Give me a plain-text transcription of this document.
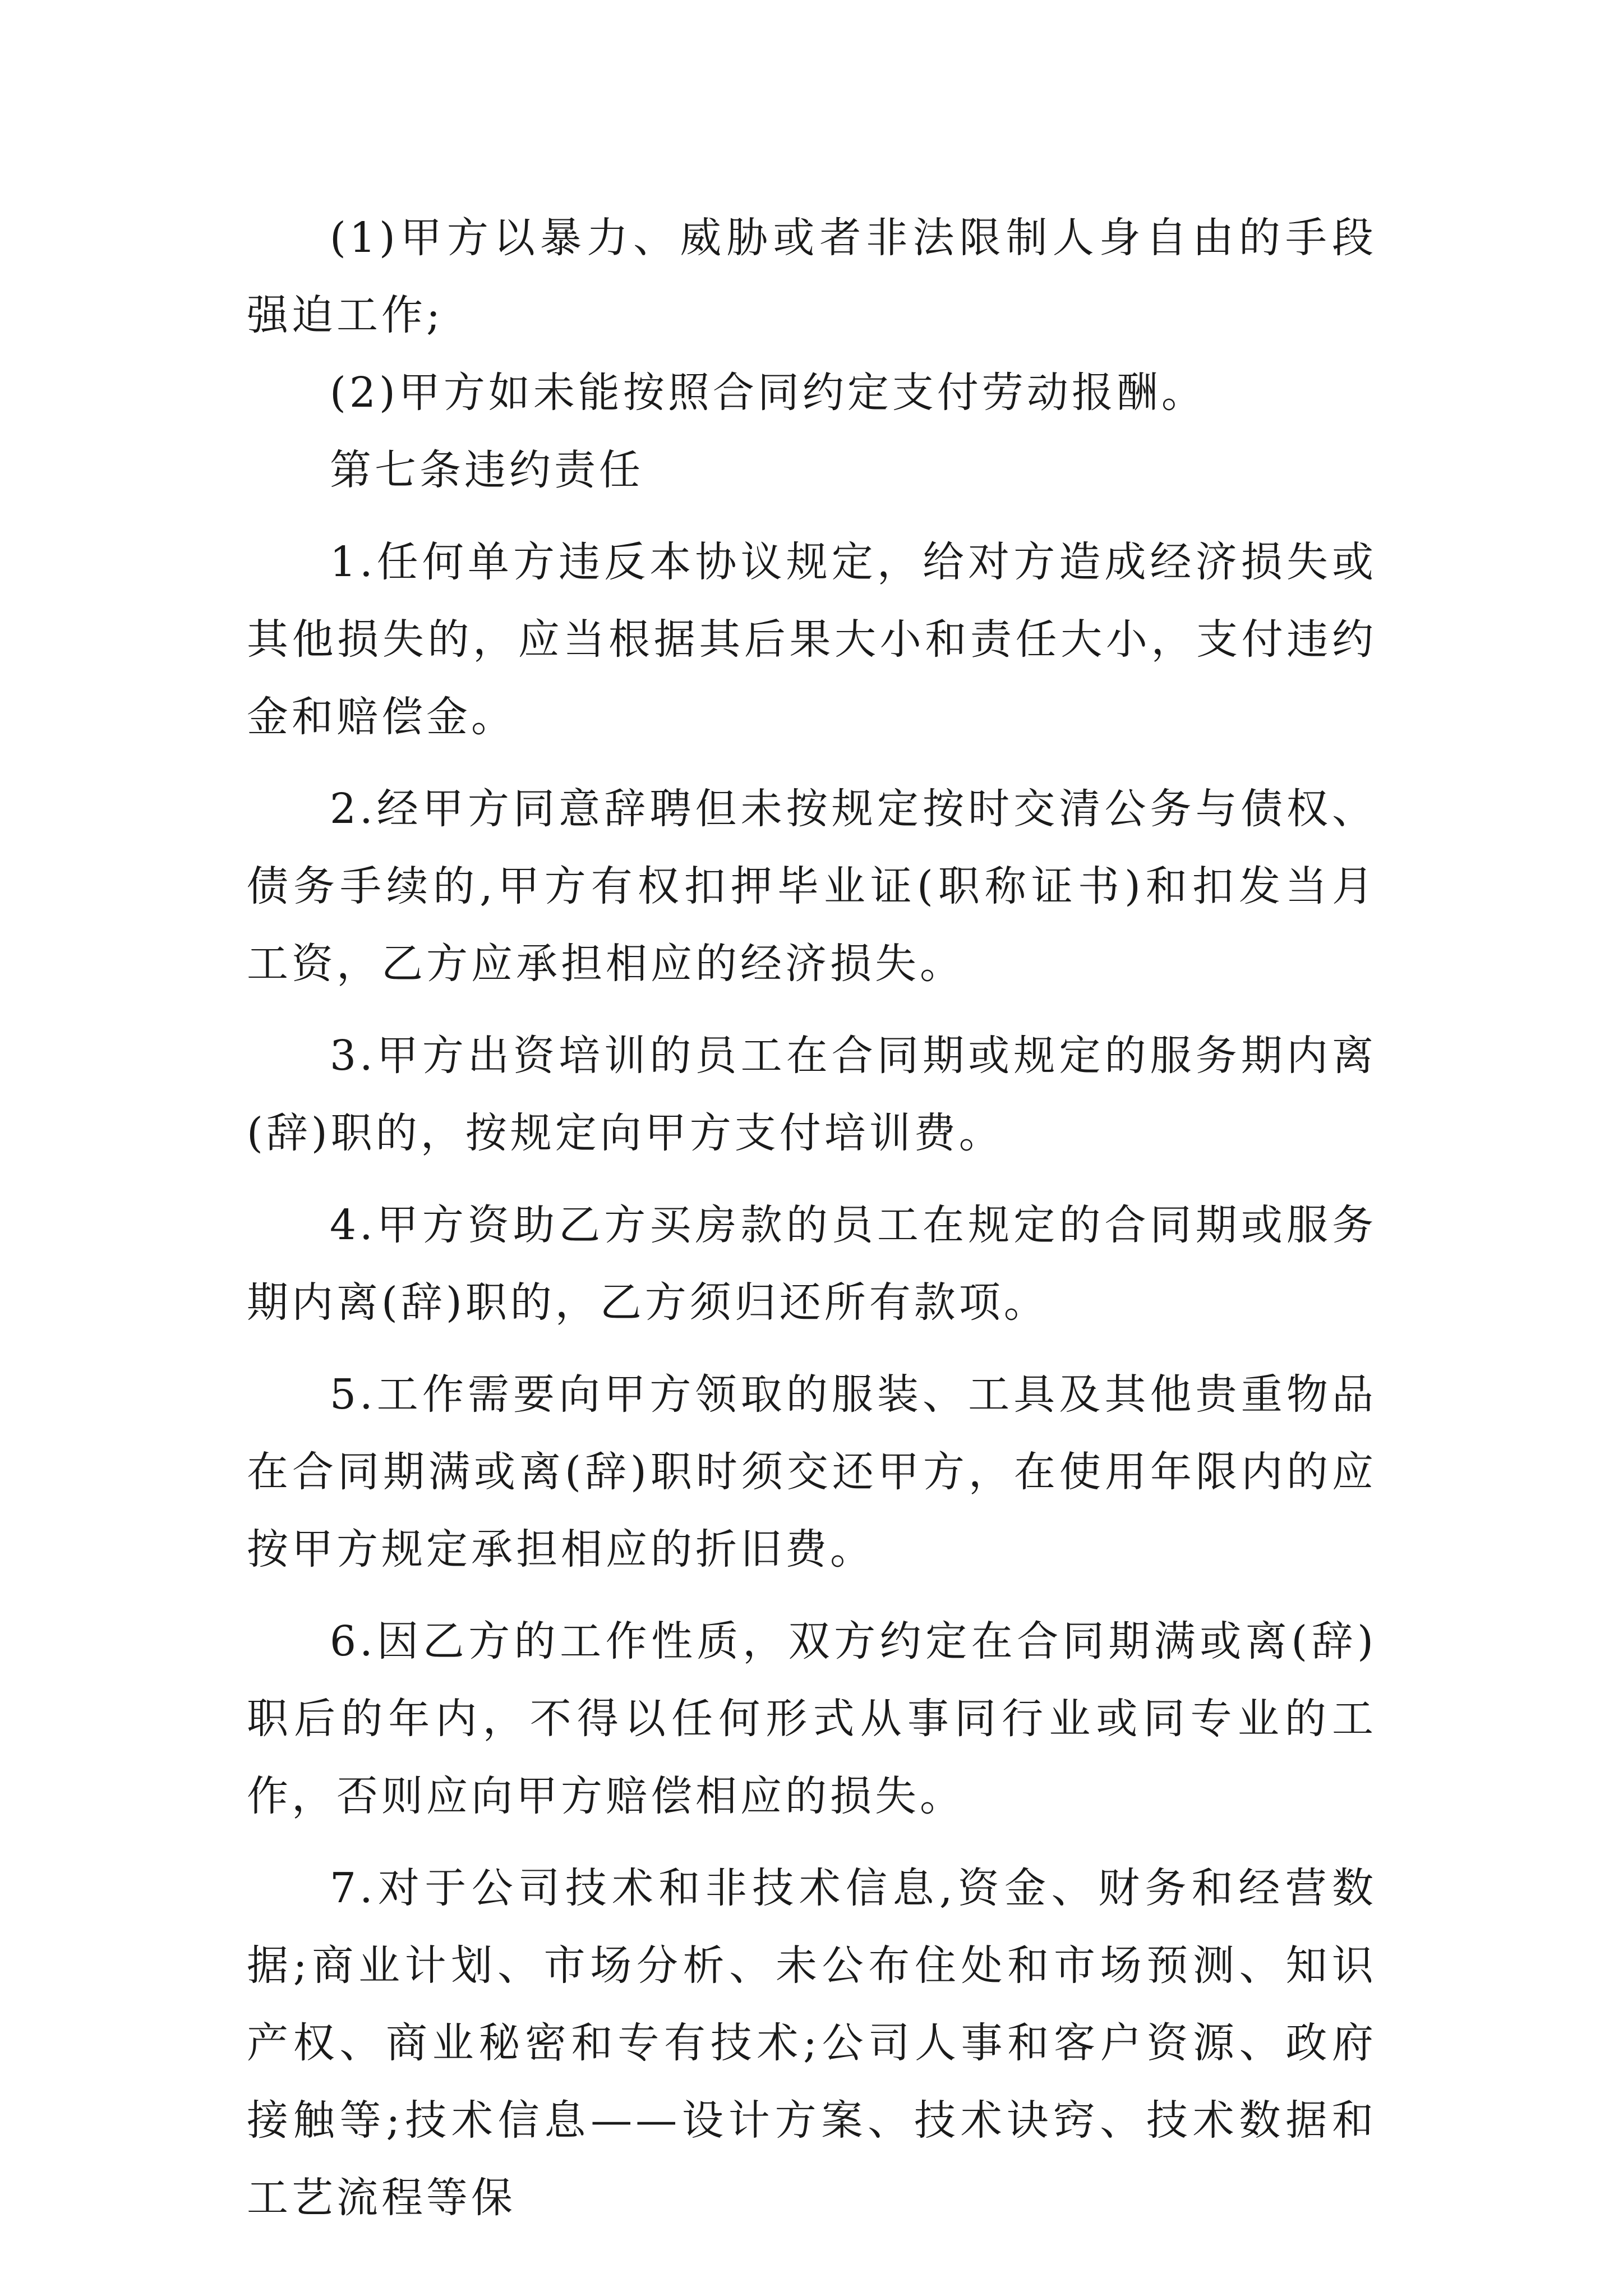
(1)甲方以暴力、威胁或者非法限制人身自由的手段强迫工作;

(2)甲方如未能按照合同约定支付劳动报酬。

第七条违约责任

1.任何单方违反本协议规定，给对方造成经济损失或其他损失的，应当根据其后果大小和责任大小，支付违约金和赔偿金。

2.经甲方同意辞聘但未按规定按时交清公务与债权、债务手续的,甲方有权扣押毕业证(职称证书)和扣发当月工资，乙方应承担相应的经济损失。

3.甲方出资培训的员工在合同期或规定的服务期内离(辞)职的，按规定向甲方支付培训费。

4.甲方资助乙方买房款的员工在规定的合同期或服务期内离(辞)职的，乙方须归还所有款项。

5.工作需要向甲方领取的服装、工具及其他贵重物品在合同期满或离(辞)职时须交还甲方，在使用年限内的应按甲方规定承担相应的折旧费。

6.因乙方的工作性质，双方约定在合同期满或离(辞)职后的年内，不得以任何形式从事同行业或同专业的工作，否则应向甲方赔偿相应的损失。

7.对于公司技术和非技术信息,资金、财务和经营数据;商业计划、市场分析、未公布住处和市场预测、知识产权、商业秘密和专有技术;公司人事和客户资源、政府接触等;技术信息——设计方案、技术诀窍、技术数据和工艺流程等保
